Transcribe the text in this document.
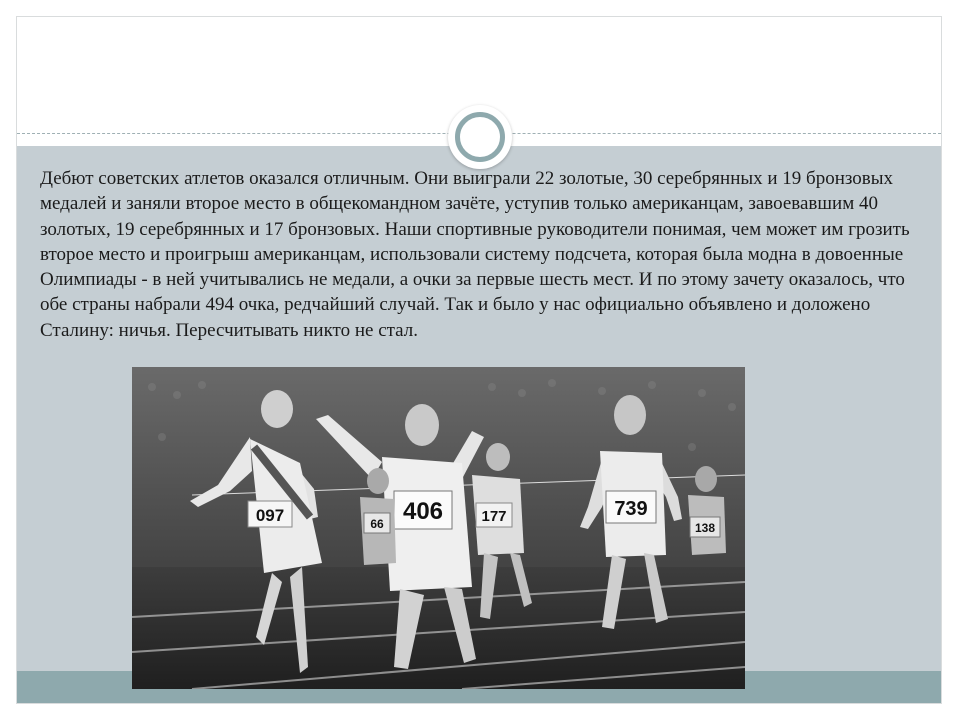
Дебют советских атлетов оказался отличным. Они выиграли 22 золотые, 30 серебрянных и 19 бронзовых медалей и заняли второе место в общекомандном зачёте, уступив только американцам, завоевавшим 40 золотых, 19 серебрянных и 17 бронзовых. Наши спортивные руководители понимая, чем может им грозить второе место и проигрыш американцам, использовали систему подсчета, которая была модна в довоенные Олимпиады - в ней учитывались не медали, а очки за первые шесть мест. И по этому зачету оказалось, что обе страны набрали 494 очка, редчайший случай. Так и было у нас официально объявлено и доложено Сталину: ничья. Пересчитывать никто не стал.

097	406	177	739
66	138
